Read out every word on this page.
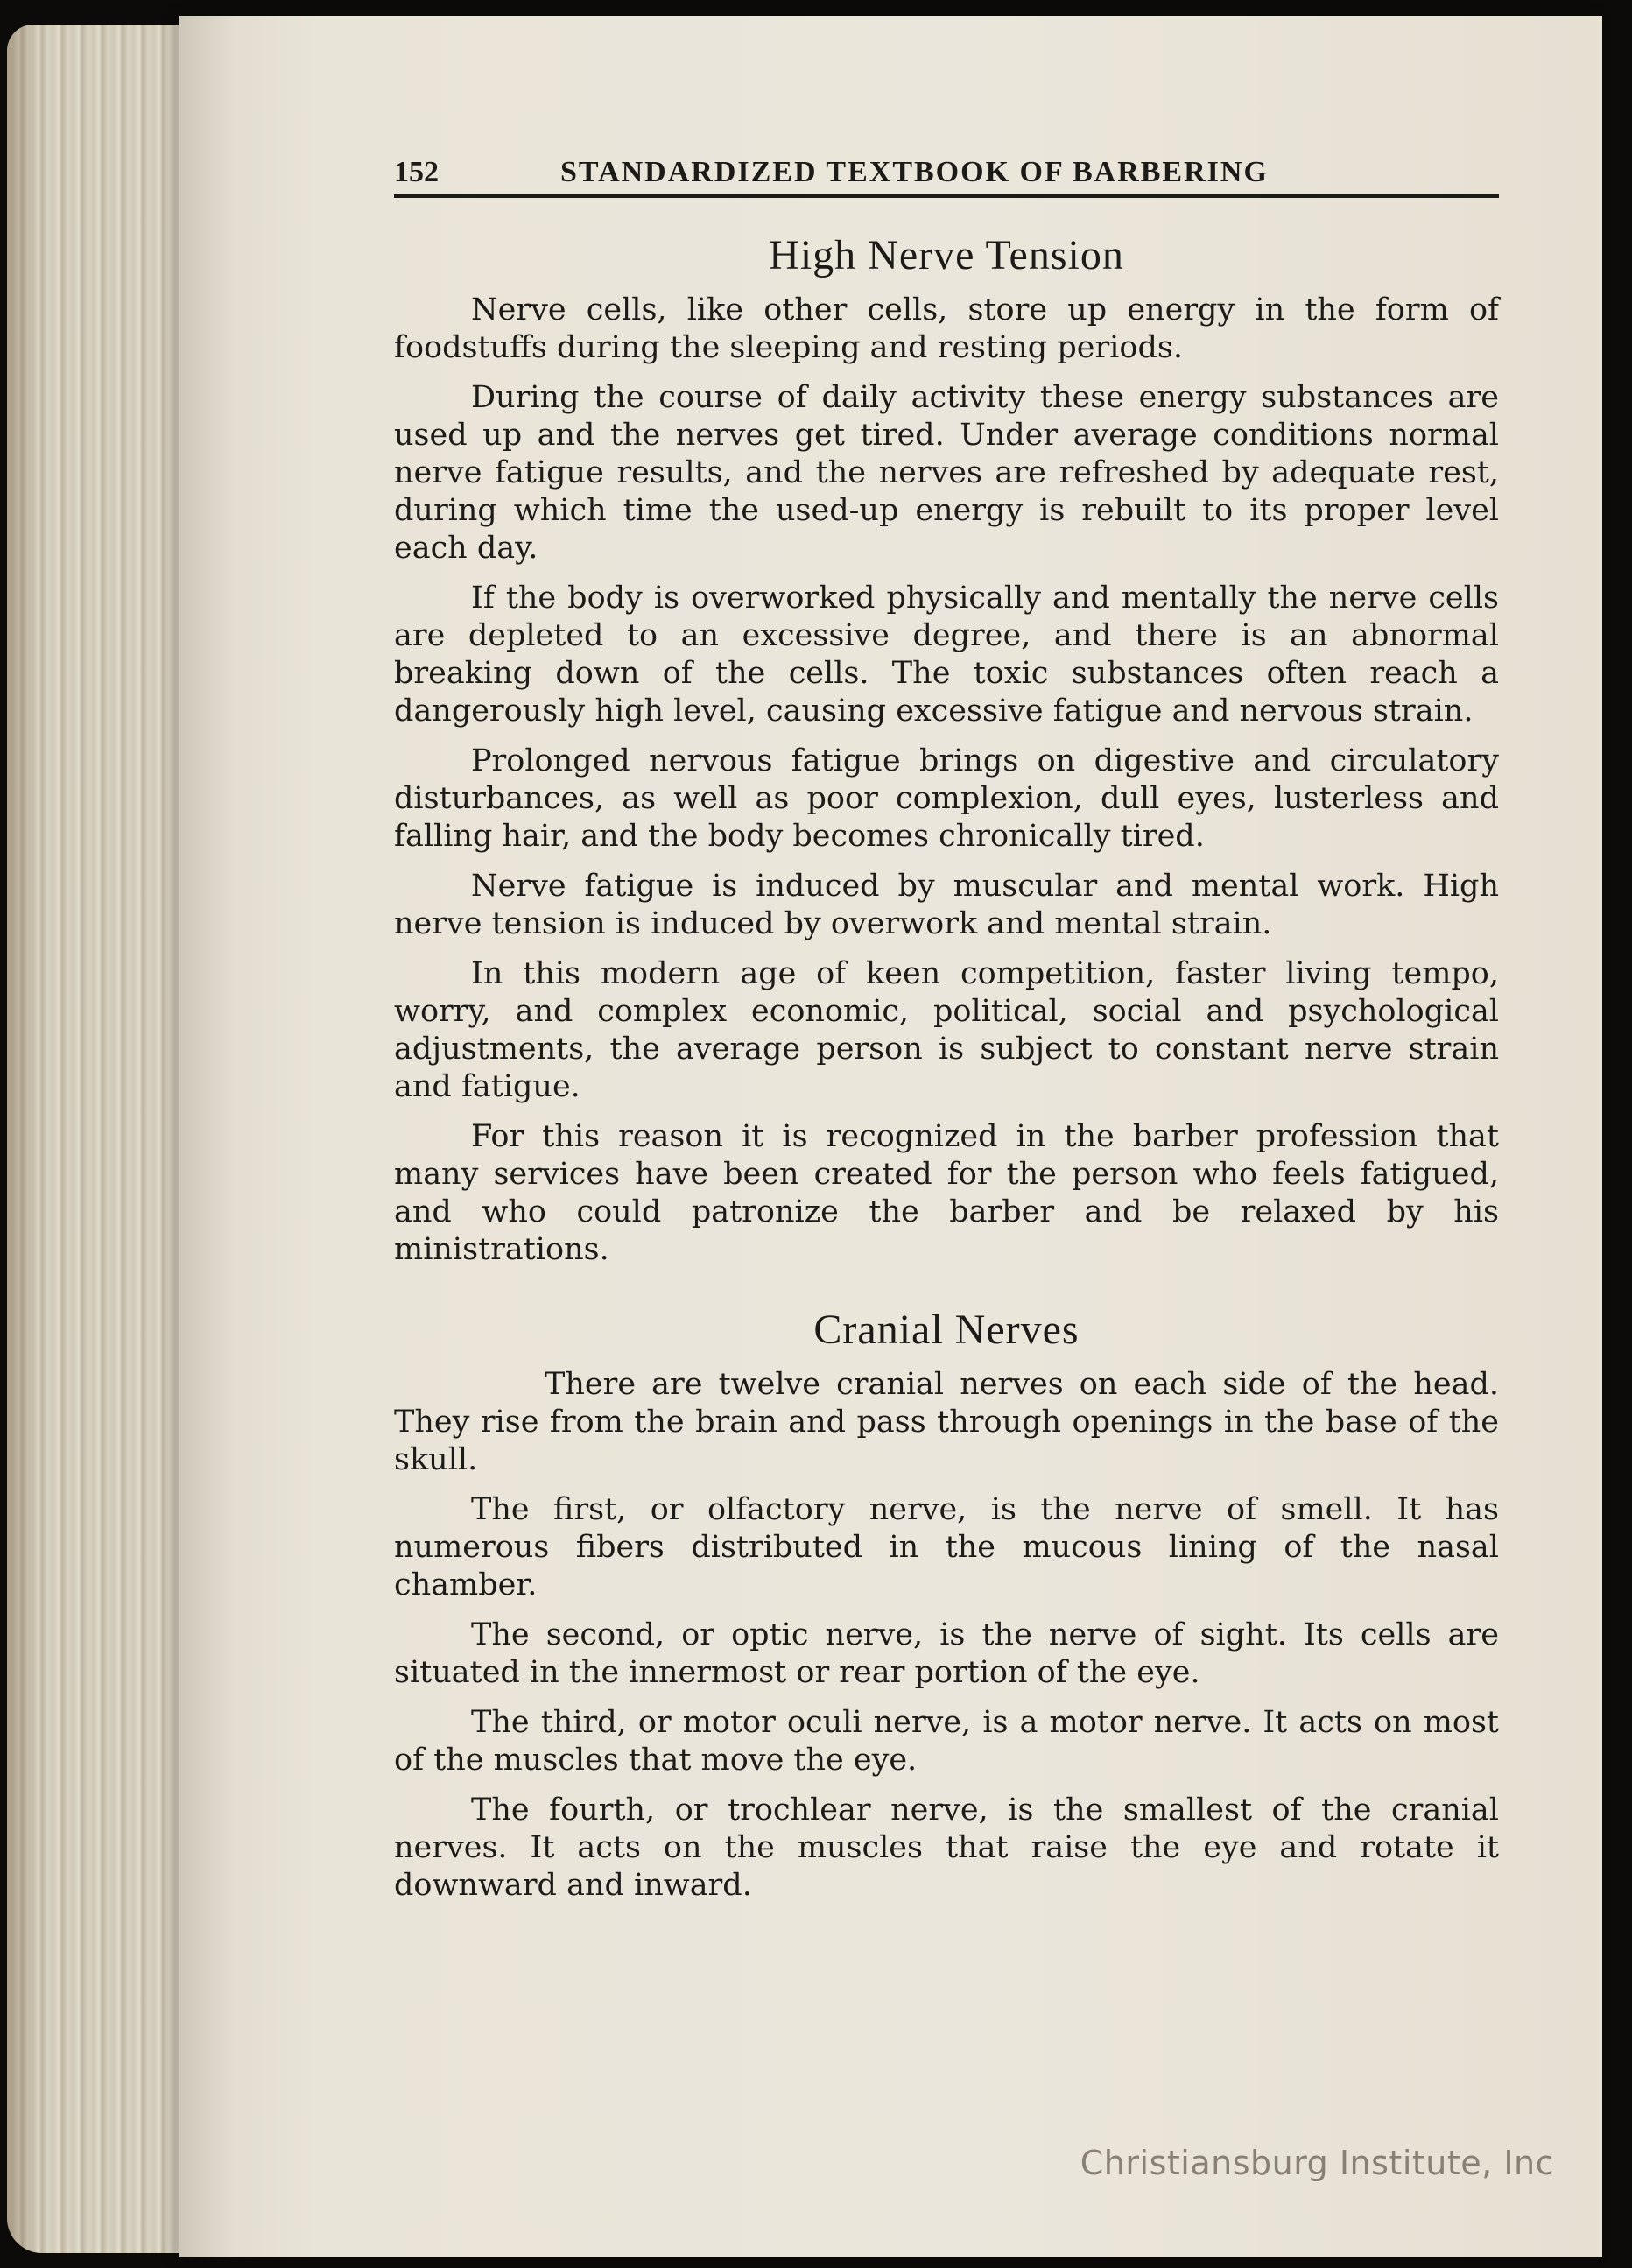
152	STANDARDIZED TEXTBOOK OF BARBERING
High Nerve Tension

Nerve cells, like other cells, store up energy in the form of foodstuffs during the sleeping and resting periods.

During the course of daily activity these energy substances are used up and the nerves get tired. Under average conditions normal nerve fatigue results, and the nerves are refreshed by adequate rest, during which time the used-up energy is rebuilt to its proper level each day.

If the body is overworked physically and mentally the nerve cells are depleted to an excessive degree, and there is an abnormal breaking down of the cells. The toxic substances often reach a dangerously high level, causing excessive fatigue and nervous strain.

Prolonged nervous fatigue brings on digestive and circulatory disturbances, as well as poor complexion, dull eyes, lusterless and falling hair, and the body becomes chronically tired.

Nerve fatigue is induced by muscular and mental work. High nerve tension is induced by overwork and mental strain.

In this modern age of keen competition, faster living tempo, worry, and complex economic, political, social and psychological adjustments, the average person is subject to constant nerve strain and fatigue.

For this reason it is recognized in the barber profession that many services have been created for the person who feels fatigued, and who could patronize the barber and be relaxed by his ministrations.

Cranial Nerves

There are twelve cranial nerves on each side of the head. They rise from the brain and pass through openings in the base of the skull.

The first, or olfactory nerve, is the nerve of smell. It has numerous fibers distributed in the mucous lining of the nasal chamber.

The second, or optic nerve, is the nerve of sight. Its cells are situated in the innermost or rear portion of the eye.

The third, or motor oculi nerve, is a motor nerve. It acts on most of the muscles that move the eye.

The fourth, or trochlear nerve, is the smallest of the cranial nerves. It acts on the muscles that raise the eye and rotate it downward and inward.

Christiansburg Institute, Inc
